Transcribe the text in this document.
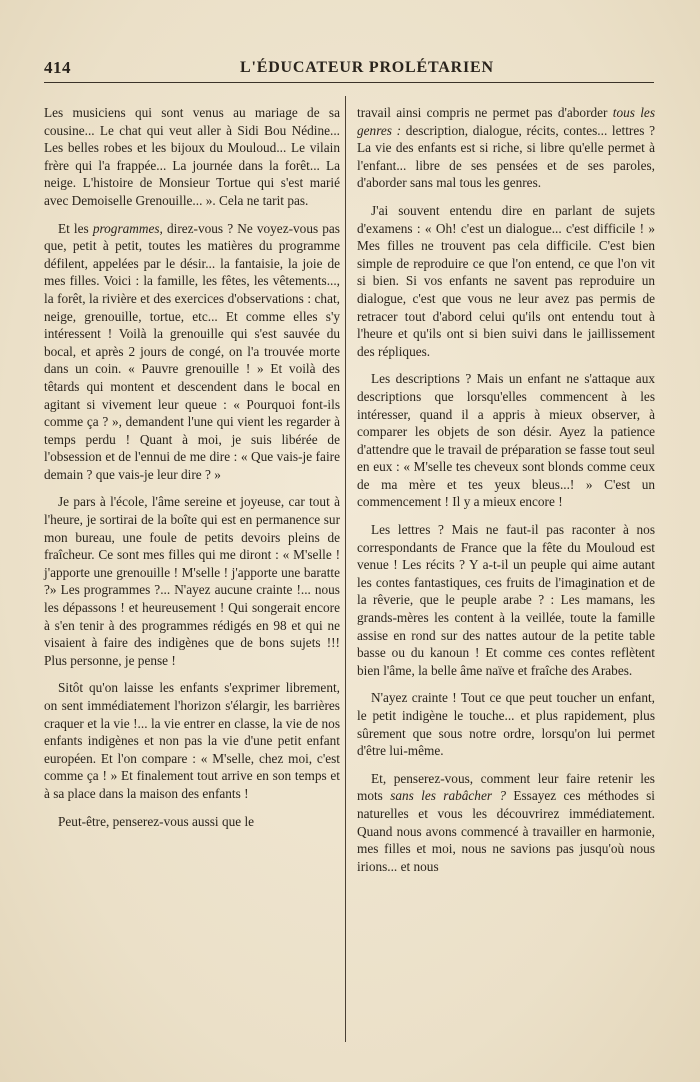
414	L'ÉDUCATEUR PROLÉTARIEN

Les musiciens qui sont venus au mariage de sa cousine... Le chat qui veut aller à Sidi Bou Nédine... Les belles robes et les bijoux du Mouloud... Le vilain frère qui l'a frappée... La journée dans la forêt... La neige. L'histoire de Monsieur Tortue qui s'est marié avec Demoiselle Grenouille... ». Cela ne tarit pas.

Et les programmes, direz-vous ? Ne voyez-vous pas que, petit à petit, toutes les matières du programme défilent, appelées par le désir... la fantaisie, la joie de mes filles. Voici : la famille, les fêtes, les vêtements..., la forêt, la rivière et des exercices d'observations : chat, neige, grenouille, tortue, etc... Et comme elles s'y intéressent ! Voilà la grenouille qui s'est sauvée du bocal, et après 2 jours de congé, on l'a trouvée morte dans un coin. « Pauvre grenouille ! » Et voilà des têtards qui montent et descendent dans le bocal en agitant si vivement leur queue : « Pourquoi font-ils comme ça ? », demandent l'une qui vient les regarder à temps perdu ! Quant à moi, je suis libérée de l'obsession et de l'ennui de me dire : « Que vais-je faire demain ? que vais-je leur dire ? »

Je pars à l'école, l'âme sereine et joyeuse, car tout à l'heure, je sortirai de la boîte qui est en permanence sur mon bureau, une foule de petits devoirs pleins de fraîcheur. Ce sont mes filles qui me diront : « M'selle ! j'apporte une grenouille ! M'selle ! j'apporte une baratte ?» Les programmes ?... N'ayez aucune crainte !... nous les dépassons ! et heureusement ! Qui songerait encore à s'en tenir à des programmes rédigés en 98 et qui ne visaient à faire des indigènes que de bons sujets !!! Plus personne, je pense !

Sitôt qu'on laisse les enfants s'exprimer librement, on sent immédiatement l'horizon s'élargir, les barrières craquer et la vie !... la vie entrer en classe, la vie de nos enfants indigènes et non pas la vie d'une petit enfant européen. Et l'on compare : « M'selle, chez moi, c'est comme ça ! » Et finalement tout arrive en son temps et à sa place dans la maison des enfants !

Peut-être, penserez-vous aussi que le

travail ainsi compris ne permet pas d'aborder tous les genres : description, dialogue, récits, contes... lettres ? La vie des enfants est si riche, si libre qu'elle permet à l'enfant... libre de ses pensées et de ses paroles, d'aborder sans mal tous les genres.

J'ai souvent entendu dire en parlant de sujets d'examens : « Oh! c'est un dialogue... c'est difficile ! » Mes filles ne trouvent pas cela difficile. C'est bien simple de reproduire ce que l'on entend, ce que l'on vit si bien. Si vos enfants ne savent pas reproduire un dialogue, c'est que vous ne leur avez pas permis de retracer tout d'abord celui qu'ils ont entendu tout à l'heure et qu'ils ont si bien suivi dans le jaillissement des répliques.

Les descriptions ? Mais un enfant ne s'attaque aux descriptions que lorsqu'elles commencent à les intéresser, quand il a appris à mieux observer, à comparer les objets de son désir. Ayez la patience d'attendre que le travail de préparation se fasse tout seul en eux : « M'selle tes cheveux sont blonds comme ceux de ma mère et tes yeux bleus...! » C'est un commencement ! Il y a mieux encore !

Les lettres ? Mais ne faut-il pas raconter à nos correspondants de France que la fête du Mouloud est venue ! Les récits ? Y a-t-il un peuple qui aime autant les contes fantastiques, ces fruits de l'imagination et de la rêverie, que le peuple arabe ? : Les mamans, les grands-mères les content à la veillée, toute la famille assise en rond sur des nattes autour de la petite table basse ou du kanoun ! Et comme ces contes reflètent bien l'âme, la belle âme naïve et fraîche des Arabes.

N'ayez crainte ! Tout ce que peut toucher un enfant, le petit indigène le touche... et plus rapidement, plus sûrement que sous notre ordre, lorsqu'on lui permet d'être lui-même.

Et, penserez-vous, comment leur faire retenir les mots sans les rabâcher ? Essayez ces méthodes si naturelles et vous les découvrirez immédiatement. Quand nous avons commencé à travailler en harmonie, mes filles et moi, nous ne savions pas jusqu'où nous irions... et nous
